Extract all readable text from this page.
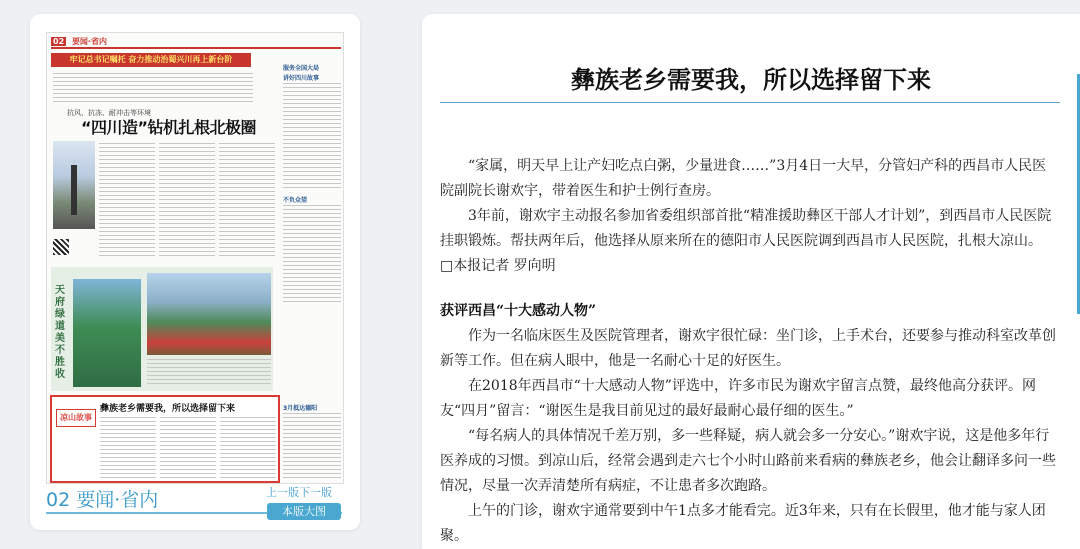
02 要闻·省内
牢记总书记嘱托 奋力推动治蜀兴川再上新台阶
抗风、抗冻、耐冲击等环境
“四川造”钻机扎根北极圈
天府绿道美不胜收
凉山故事
彝族老乡需要我，所以选择留下来
服务全国大局
讲好四川故事
不负众望
3月抵达德阳
02 要闻·省内	上一版下一版
本版大图
彝族老乡需要我，所以选择留下来

“家属，明天早上让产妇吃点白粥，少量进食……”3月4日一大早，分管妇产科的西昌市人民医院副院长谢欢宇，带着医生和护士例行查房。

3年前，谢欢宇主动报名参加省委组织部首批“精准援助彝区干部人才计划”，到西昌市人民医院挂职锻炼。帮扶两年后，他选择从原来所在的德阳市人民医院调到西昌市人民医院，扎根大凉山。

□本报记者 罗向明

获评西昌“十大感动人物”

作为一名临床医生及医院管理者，谢欢宇很忙碌：坐门诊，上手术台，还要参与推动科室改革创新等工作。但在病人眼中，他是一名耐心十足的好医生。

在2018年西昌市“十大感动人物”评选中，许多市民为谢欢宇留言点赞，最终他高分获评。网友“四月”留言：“谢医生是我目前见过的最好最耐心最仔细的医生。”

“每名病人的具体情况千差万别，多一些释疑，病人就会多一分安心。”谢欢宇说，这是他多年行医养成的习惯。到凉山后，经常会遇到走六七个小时山路前来看病的彝族老乡，他会让翻译多问一些情况，尽量一次弄清楚所有病症，不让患者多次跑路。

上午的门诊，谢欢宇通常要到中午1点多才能看完。近3年来，只有在长假里，他才能与家人团聚。
